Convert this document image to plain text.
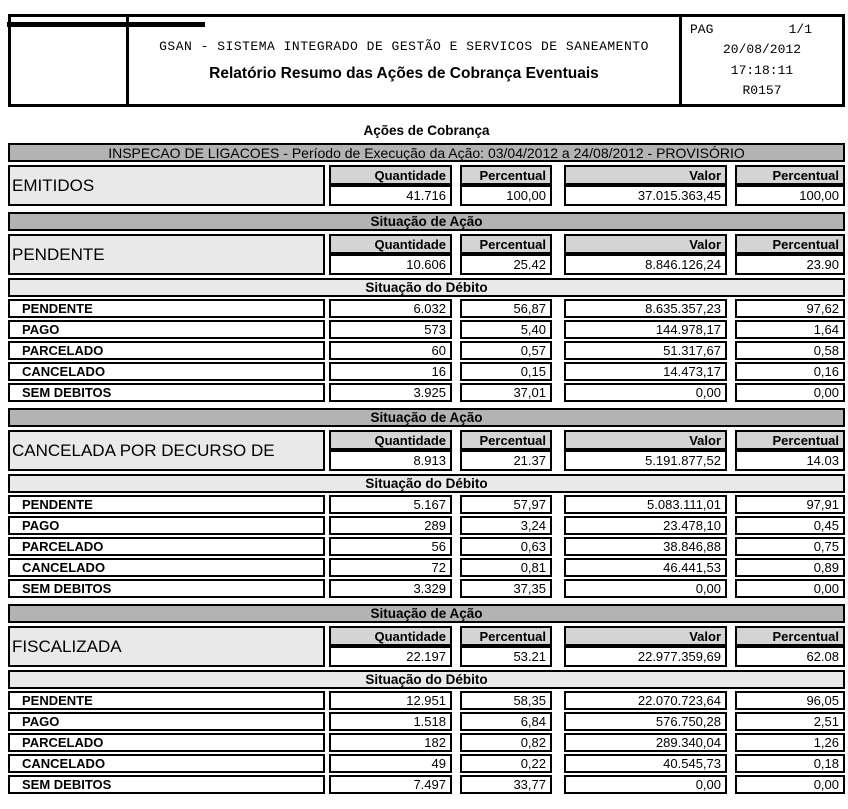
GSAN - SISTEMA INTEGRADO DE GESTÃO E SERVICOS DE SANEAMENTO
Relatório Resumo das Ações de Cobrança Eventuais
PAG	1/1
20/08/2012
17:18:11
R0157
Ações de Cobrança
INSPECAO DE LIGACOES - Período de Execução da Ação: 03/04/2012 a 24/08/2012 - PROVISÓRIO
EMITIDOS
Quantidade	Percentual	Valor	Percentual
41.716	100,00	37.015.363,45	100,00
Situação de Ação
PENDENTE
Quantidade	Percentual	Valor	Percentual
10.606	25.42	8.846.126,24	23.90
Situação do Débito
PENDENTE	6.032	56,87	8.635.357,23	97,62
PAGO	573	5,40	144.978,17	1,64
PARCELADO	60	0,57	51.317,67	0,58
CANCELADO	16	0,15	14.473,17	0,16
SEM DEBITOS	3.925	37,01	0,00	0,00
Situação de Ação
CANCELADA POR DECURSO DE
Quantidade	Percentual	Valor	Percentual
8.913	21.37	5.191.877,52	14.03
Situação do Débito
PENDENTE	5.167	57,97	5.083.111,01	97,91
PAGO	289	3,24	23.478,10	0,45
PARCELADO	56	0,63	38.846,88	0,75
CANCELADO	72	0,81	46.441,53	0,89
SEM DEBITOS	3.329	37,35	0,00	0,00
Situação de Ação
FISCALIZADA
Quantidade	Percentual	Valor	Percentual
22.197	53.21	22.977.359,69	62.08
Situação do Débito
PENDENTE	12.951	58,35	22.070.723,64	96,05
PAGO	1.518	6,84	576.750,28	2,51
PARCELADO	182	0,82	289.340,04	1,26
CANCELADO	49	0,22	40.545,73	0,18
SEM DEBITOS	7.497	33,77	0,00	0,00
